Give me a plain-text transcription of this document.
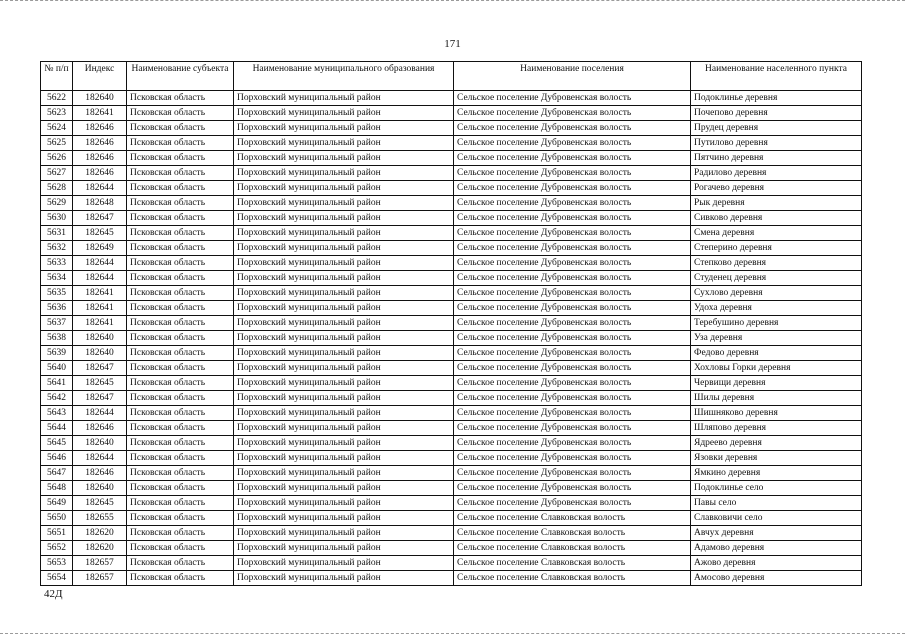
171
№ п/п	Индекс	Наименование субъекта	Наименование муниципального образования	Наименование поселения	Наименование населенного пункта
5622	182640	Псковская область	Порховский муниципальный район	Сельское поселение Дубровенская волость	Подоклинье деревня
5623	182641	Псковская область	Порховский муниципальный район	Сельское поселение Дубровенская волость	Почепово деревня
5624	182646	Псковская область	Порховский муниципальный район	Сельское поселение Дубровенская волость	Прудец деревня
5625	182646	Псковская область	Порховский муниципальный район	Сельское поселение Дубровенская волость	Путилово деревня
5626	182646	Псковская область	Порховский муниципальный район	Сельское поселение Дубровенская волость	Пятчино деревня
5627	182646	Псковская область	Порховский муниципальный район	Сельское поселение Дубровенская волость	Радилово деревня
5628	182644	Псковская область	Порховский муниципальный район	Сельское поселение Дубровенская волость	Рогачево деревня
5629	182648	Псковская область	Порховский муниципальный район	Сельское поселение Дубровенская волость	Рык деревня
5630	182647	Псковская область	Порховский муниципальный район	Сельское поселение Дубровенская волость	Сивково деревня
5631	182645	Псковская область	Порховский муниципальный район	Сельское поселение Дубровенская волость	Смена деревня
5632	182649	Псковская область	Порховский муниципальный район	Сельское поселение Дубровенская волость	Степерино деревня
5633	182644	Псковская область	Порховский муниципальный район	Сельское поселение Дубровенская волость	Степково деревня
5634	182644	Псковская область	Порховский муниципальный район	Сельское поселение Дубровенская волость	Студенец деревня
5635	182641	Псковская область	Порховский муниципальный район	Сельское поселение Дубровенская волость	Сухлово деревня
5636	182641	Псковская область	Порховский муниципальный район	Сельское поселение Дубровенская волость	Удоха деревня
5637	182641	Псковская область	Порховский муниципальный район	Сельское поселение Дубровенская волость	Теребушино деревня
5638	182640	Псковская область	Порховский муниципальный район	Сельское поселение Дубровенская волость	Уза деревня
5639	182640	Псковская область	Порховский муниципальный район	Сельское поселение Дубровенская волость	Федово деревня
5640	182647	Псковская область	Порховский муниципальный район	Сельское поселение Дубровенская волость	Хохловы Горки деревня
5641	182645	Псковская область	Порховский муниципальный район	Сельское поселение Дубровенская волость	Червищи деревня
5642	182647	Псковская область	Порховский муниципальный район	Сельское поселение Дубровенская волость	Шилы деревня
5643	182644	Псковская область	Порховский муниципальный район	Сельское поселение Дубровенская волость	Шишняково деревня
5644	182646	Псковская область	Порховский муниципальный район	Сельское поселение Дубровенская волость	Шляпово деревня
5645	182640	Псковская область	Порховский муниципальный район	Сельское поселение Дубровенская волость	Ядреево деревня
5646	182644	Псковская область	Порховский муниципальный район	Сельское поселение Дубровенская волость	Язовки деревня
5647	182646	Псковская область	Порховский муниципальный район	Сельское поселение Дубровенская волость	Ямкино деревня
5648	182640	Псковская область	Порховский муниципальный район	Сельское поселение Дубровенская волость	Подоклинье село
5649	182645	Псковская область	Порховский муниципальный район	Сельское поселение Дубровенская волость	Павы село
5650	182655	Псковская область	Порховский муниципальный район	Сельское поселение Славковская волость	Славковичи село
5651	182620	Псковская область	Порховский муниципальный район	Сельское поселение Славковская волость	Авчух деревня
5652	182620	Псковская область	Порховский муниципальный район	Сельское поселение Славковская волость	Адамово деревня
5653	182657	Псковская область	Порховский муниципальный район	Сельское поселение Славковская волость	Ажово деревня
5654	182657	Псковская область	Порховский муниципальный район	Сельское поселение Славковская волость	Амосово деревня
42Д
